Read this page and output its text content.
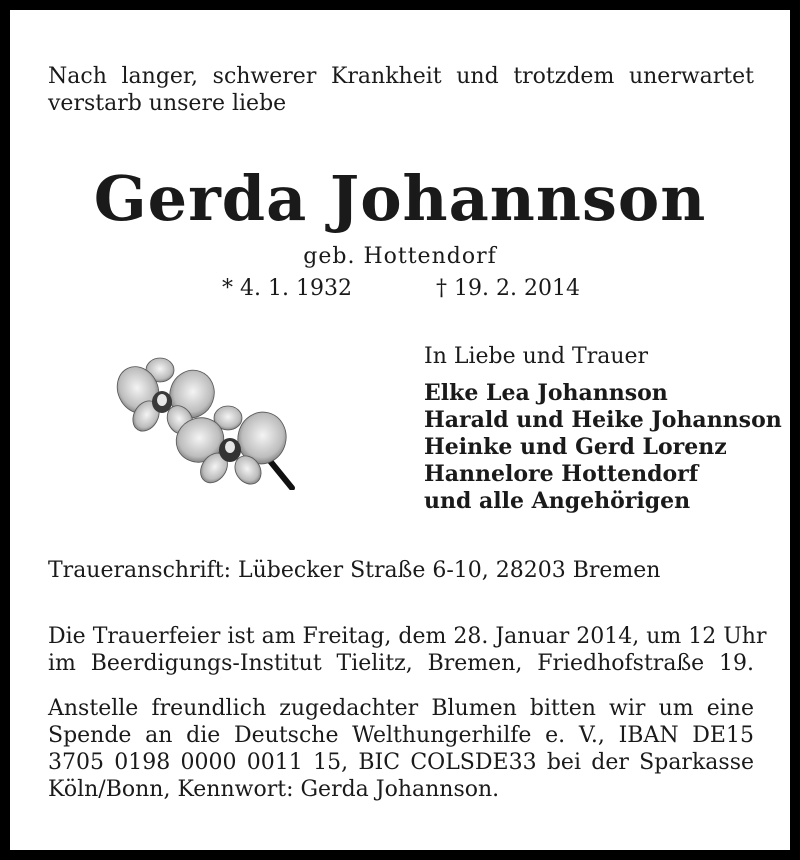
Nach langer, schwerer Krankheit und trotzdem unerwartet

verstarb unsere liebe

Gerda Johannson

geb. Hottendorf

* 4. 1. 1932	† 19. 2. 2014

In Liebe und Trauer

Elke Lea Johannson

Harald und Heike Johannson

Heinke und Gerd Lorenz

Hannelore Hottendorf

und alle Angehörigen

Traueranschrift: Lübecker Straße 6-10, 28203 Bremen

Die Trauerfeier ist am Freitag, dem 28. Januar 2014, um 12 Uhr

im Beerdigungs-Institut Tielitz, Bremen, Friedhofstraße 19.

Anstelle freundlich zugedachter Blumen bitten wir um eine

Spende an die Deutsche Welthungerhilfe e. V., IBAN DE15

3705 0198 0000 0011 15, BIC COLSDE33 bei der Sparkasse

Köln/Bonn, Kennwort: Gerda Johannson.
